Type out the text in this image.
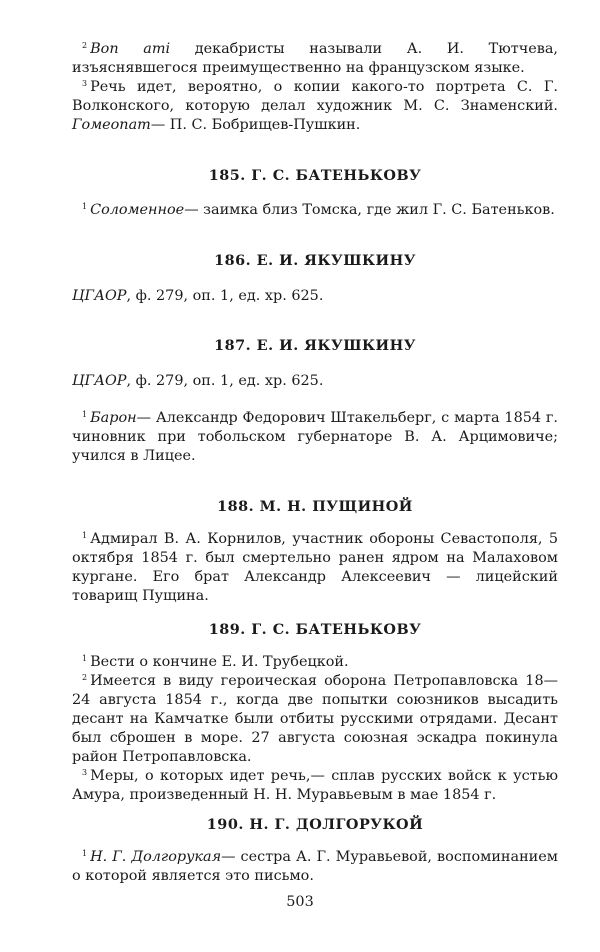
$^2$ Bon ami декабристы называли А. И. Тютчева, изъяснявшегося преимущественно на французском языке.

$^3$ Речь идет, вероятно, о копии какого-то портрета С. Г. Волконского, которую делал художник М. С. Знаменский. Гомеопат— П. С. Бобрищев-Пушкин.

185. Г. С. БАТЕНЬКОВУ

$^1$ Соломенное— заимка близ Томска, где жил Г. С. Батеньков.

186. Е. И. ЯКУШКИНУ

ЦГАОР, ф. 279, оп. 1, ед. хр. 625.

187. Е. И. ЯКУШКИНУ

ЦГАОР, ф. 279, оп. 1, ед. хр. 625.

$^1$ Барон— Александр Федорович Штакельберг, с марта 1854 г. чиновник при тобольском губернаторе В. А. Арцимовиче; учился в Лицее.

188. М. Н. ПУЩИНОЙ

$^1$ Адмирал В. А. Корнилов, участник обороны Севастополя, 5 октября 1854 г. был смертельно ранен ядром на Малаховом кургане. Его брат Александр Алексеевич — лицейский товарищ Пущина.

189. Г. С. БАТЕНЬКОВУ

$^1$ Вести о кончине Е. И. Трубецкой.

$^2$ Имеется в виду героическая оборона Петропавловска 18—24 августа 1854 г., когда две попытки союзников высадить десант на Камчатке были отбиты русскими отрядами. Десант был сброшен в море. 27 августа союзная эскадра покинула район Петропавловска.

$^3$ Меры, о которых идет речь,— сплав русских войск к устью Амура, произведенный Н. Н. Муравьевым в мае 1854 г.

190. Н. Г. ДОЛГОРУКОЙ

$^1$ Н. Г. Долгорукая— сестра А. Г. Муравьевой, воспоминанием о которой является это письмо.

503
